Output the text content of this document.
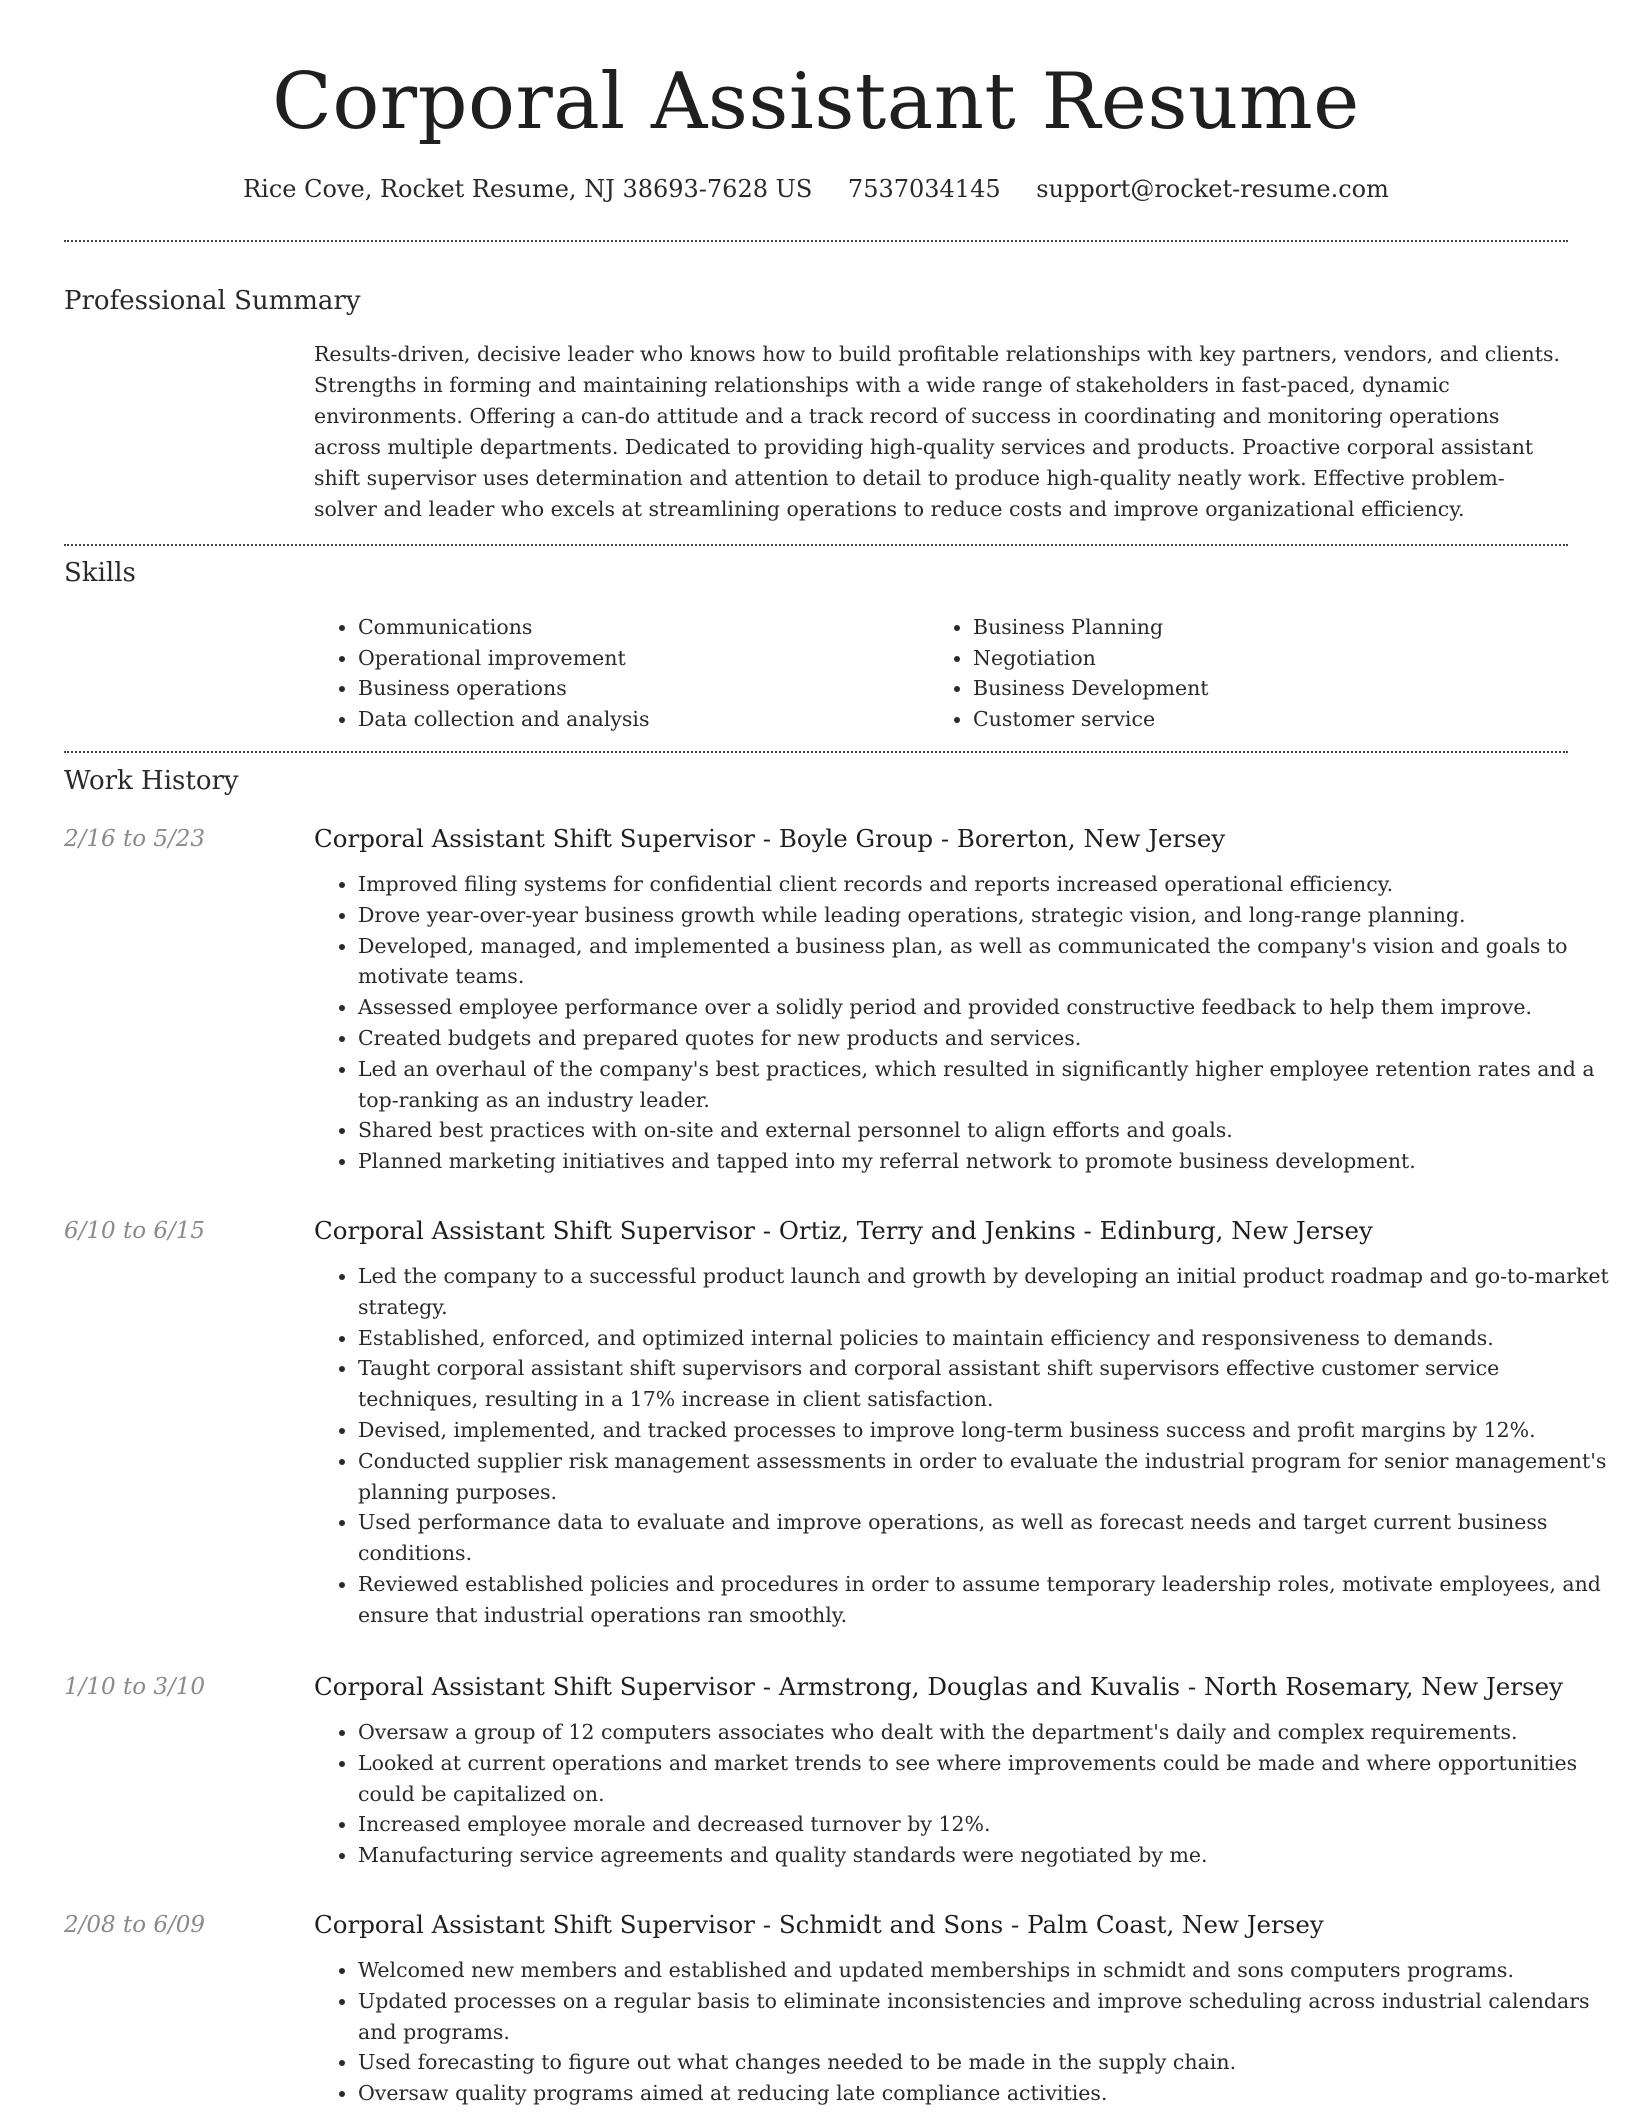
Corporal Assistant Resume
Rice Cove, Rocket Resume, NJ 38693-7628 US 7537034145 support@rocket-resume.com
Professional Summary

Results-driven, decisive leader who knows how to build profitable relationships with key partners, vendors, and clients. Strengths in forming and maintaining relationships with a wide range of stakeholders in fast-paced, dynamic environments. Offering a can-do attitude and a track record of success in coordinating and monitoring operations across multiple departments. Dedicated to providing high-quality services and products. Proactive corporal assistant shift supervisor uses determination and attention to detail to produce high-quality neatly work. Effective problem-solver and leader who excels at streamlining operations to reduce costs and improve organizational efficiency.

Skills
• Communications
• Operational improvement
• Business operations
• Data collection and analysis
• Business Planning
• Negotiation
• Business Development
• Customer service
Work History
2/16 to 5/23	Corporal Assistant Shift Supervisor - Boyle Group - Borerton, New Jersey
• Improved filing systems for confidential client records and reports increased operational efficiency.
• Drove year-over-year business growth while leading operations, strategic vision, and long-range planning.
• Developed, managed, and implemented a business plan, as well as communicated the company's vision and goals to motivate teams.
• Assessed employee performance over a solidly period and provided constructive feedback to help them improve.
• Created budgets and prepared quotes for new products and services.
• Led an overhaul of the company's best practices, which resulted in significantly higher employee retention rates and a top-ranking as an industry leader.
• Shared best practices with on-site and external personnel to align efforts and goals.
• Planned marketing initiatives and tapped into my referral network to promote business development.
6/10 to 6/15	Corporal Assistant Shift Supervisor - Ortiz, Terry and Jenkins - Edinburg, New Jersey
• Led the company to a successful product launch and growth by developing an initial product roadmap and go-to-market strategy.
• Established, enforced, and optimized internal policies to maintain efficiency and responsiveness to demands.
• Taught corporal assistant shift supervisors and corporal assistant shift supervisors effective customer service techniques, resulting in a 17% increase in client satisfaction.
• Devised, implemented, and tracked processes to improve long-term business success and profit margins by 12%.
• Conducted supplier risk management assessments in order to evaluate the industrial program for senior management's planning purposes.
• Used performance data to evaluate and improve operations, as well as forecast needs and target current business conditions.
• Reviewed established policies and procedures in order to assume temporary leadership roles, motivate employees, and ensure that industrial operations ran smoothly.
1/10 to 3/10	Corporal Assistant Shift Supervisor - Armstrong, Douglas and Kuvalis - North Rosemary, New Jersey
• Oversaw a group of 12 computers associates who dealt with the department's daily and complex requirements.
• Looked at current operations and market trends to see where improvements could be made and where opportunities could be capitalized on.
• Increased employee morale and decreased turnover by 12%.
• Manufacturing service agreements and quality standards were negotiated by me.
2/08 to 6/09	Corporal Assistant Shift Supervisor - Schmidt and Sons - Palm Coast, New Jersey
• Welcomed new members and established and updated memberships in schmidt and sons computers programs.
• Updated processes on a regular basis to eliminate inconsistencies and improve scheduling across industrial calendars and programs.
• Used forecasting to figure out what changes needed to be made in the supply chain.
• Oversaw quality programs aimed at reducing late compliance activities.
